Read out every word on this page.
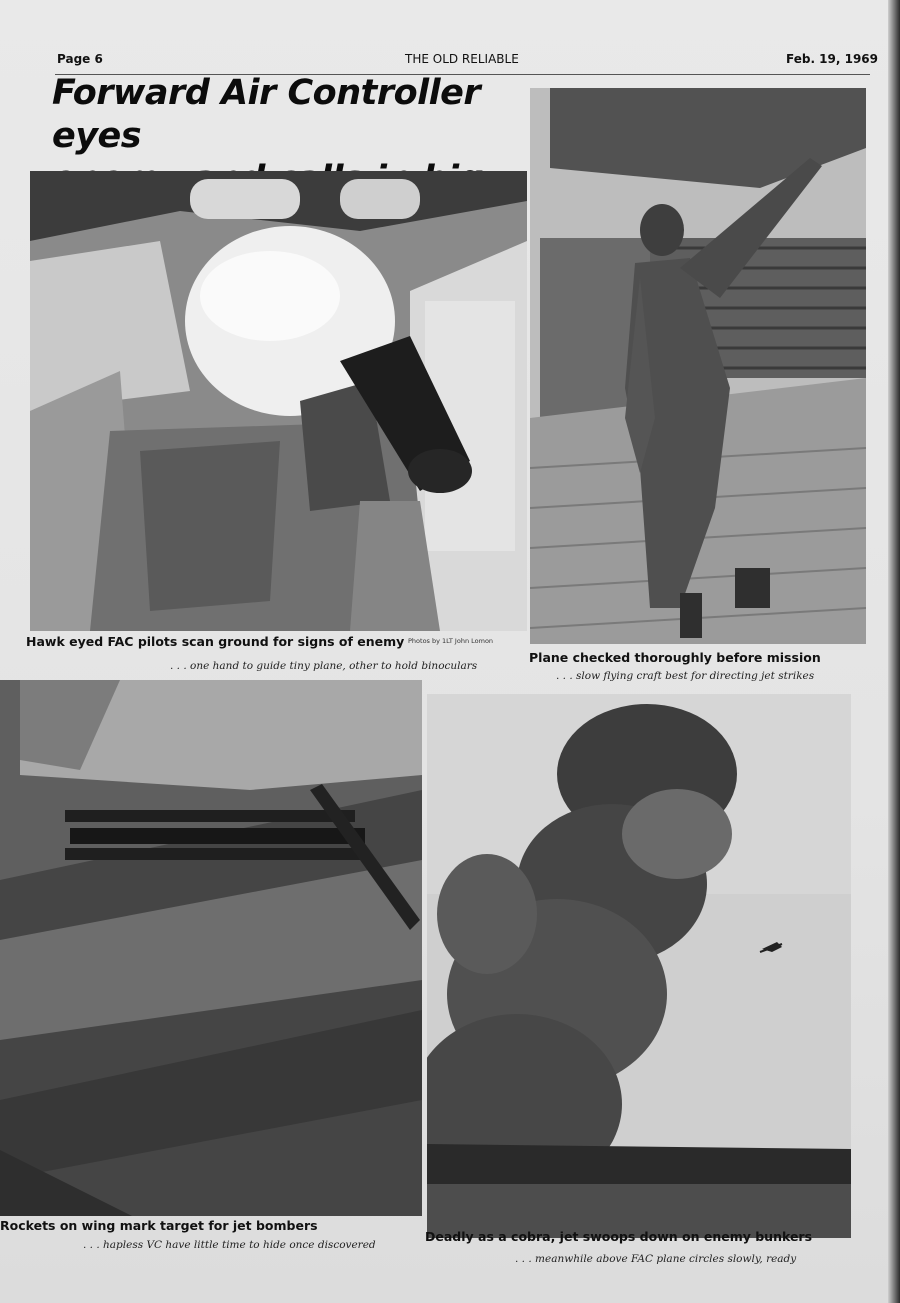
Page 6	THE OLD RELIABLE	Feb. 19, 1969
Forward Air Controller eyes
Hawk eyed FAC pilots scan ground for signs of enemy Photos by 1LT John Lomon
. . . one hand to guide tiny plane, other to hold binoculars
Plane checked thoroughly before mission
. . . slow flying craft best for directing jet strikes
Rockets on wing mark target for jet bombers
. . . hapless VC have little time to hide once discovered
Deadly as a cobra, jet swoops down on enemy bunkers
. . . meanwhile above FAC plane circles slowly, ready
